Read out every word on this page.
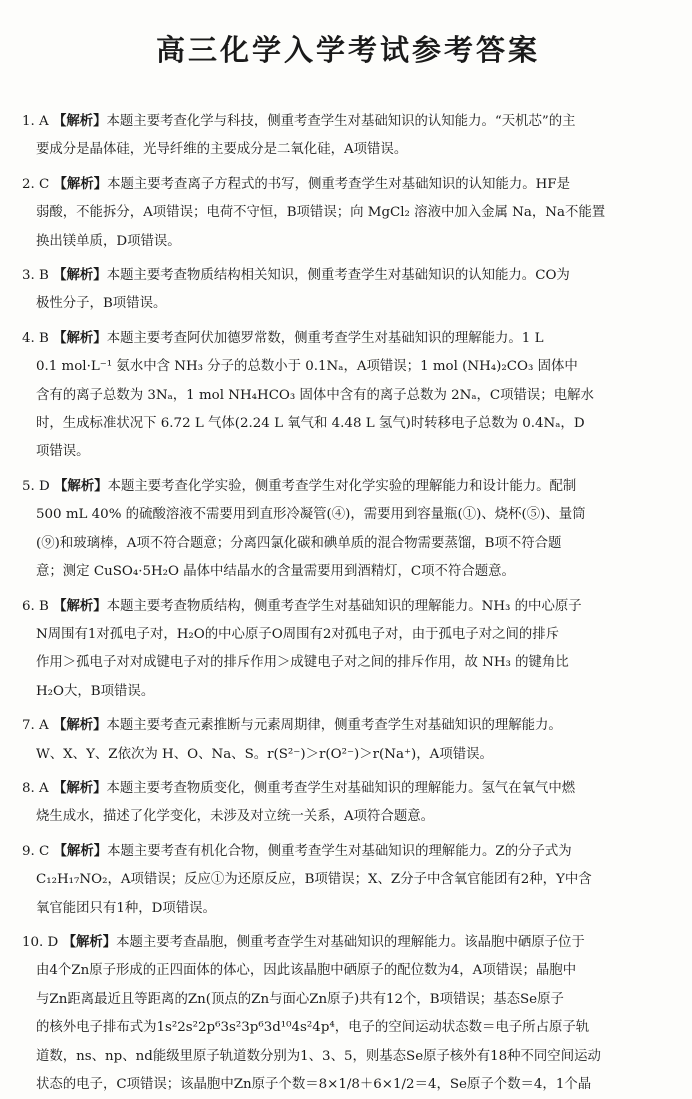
高三化学入学考试参考答案
1. A 【解析】本题主要考查化学与科技，侧重考查学生对基础知识的认知能力。“天机芯”的主
要成分是晶体硅，光导纤维的主要成分是二氧化硅，A项错误。
2. C 【解析】本题主要考查离子方程式的书写，侧重考查学生对基础知识的认知能力。HF是
弱酸，不能拆分，A项错误；电荷不守恒，B项错误；向 MgCl₂ 溶液中加入金属 Na，Na不能置
换出镁单质，D项错误。
3. B 【解析】本题主要考查物质结构相关知识，侧重考查学生对基础知识的认知能力。CO为
极性分子，B项错误。
4. B 【解析】本题主要考查阿伏加德罗常数，侧重考查学生对基础知识的理解能力。1 L
0.1 mol·L⁻¹ 氨水中含 NH₃ 分子的总数小于 0.1Nₐ，A项错误；1 mol (NH₄)₂CO₃ 固体中
含有的离子总数为 3Nₐ，1 mol NH₄HCO₃ 固体中含有的离子总数为 2Nₐ，C项错误；电解水
时，生成标准状况下 6.72 L 气体(2.24 L 氧气和 4.48 L 氢气)时转移电子总数为 0.4Nₐ，D
项错误。
5. D 【解析】本题主要考查化学实验，侧重考查学生对化学实验的理解能力和设计能力。配制
500 mL 40% 的硫酸溶液不需要用到直形冷凝管(④)，需要用到容量瓶(①)、烧杯(⑤)、量筒
(⑨)和玻璃棒，A项不符合题意；分离四氯化碳和碘单质的混合物需要蒸馏，B项不符合题
意；测定 CuSO₄·5H₂O 晶体中结晶水的含量需要用到酒精灯，C项不符合题意。
6. B 【解析】本题主要考查物质结构，侧重考查学生对基础知识的理解能力。NH₃ 的中心原子
N周围有1对孤电子对，H₂O的中心原子O周围有2对孤电子对，由于孤电子对之间的排斥
作用＞孤电子对对成键电子对的排斥作用＞成键电子对之间的排斥作用，故 NH₃ 的键角比
H₂O大，B项错误。
7. A 【解析】本题主要考查元素推断与元素周期律，侧重考查学生对基础知识的理解能力。
W、X、Y、Z依次为 H、O、Na、S。r(S²⁻)＞r(O²⁻)＞r(Na⁺)，A项错误。
8. A 【解析】本题主要考查物质变化，侧重考查学生对基础知识的理解能力。氢气在氧气中燃
烧生成水，描述了化学变化，未涉及对立统一关系，A项符合题意。
9. C 【解析】本题主要考查有机化合物，侧重考查学生对基础知识的理解能力。Z的分子式为
C₁₂H₁₇NO₂，A项错误；反应①为还原反应，B项错误；X、Z分子中含氧官能团有2种，Y中含
氧官能团只有1种，D项错误。
10. D 【解析】本题主要考查晶胞，侧重考查学生对基础知识的理解能力。该晶胞中硒原子位于
由4个Zn原子形成的正四面体的体心，因此该晶胞中硒原子的配位数为4，A项错误；晶胞中
与Zn距离最近且等距离的Zn(顶点的Zn与面心Zn原子)共有12个，B项错误；基态Se原子
的核外电子排布式为1s²2s²2p⁶3s²3p⁶3d¹⁰4s²4p⁴，电子的空间运动状态数＝电子所占原子轨
道数，ns、np、nd能级里原子轨道数分别为1、3、5，则基态Se原子核外有18种不同空间运动
状态的电子，C项错误；该晶胞中Zn原子个数＝8×1/8＋6×1/2＝4，Se原子个数＝4，1个晶
